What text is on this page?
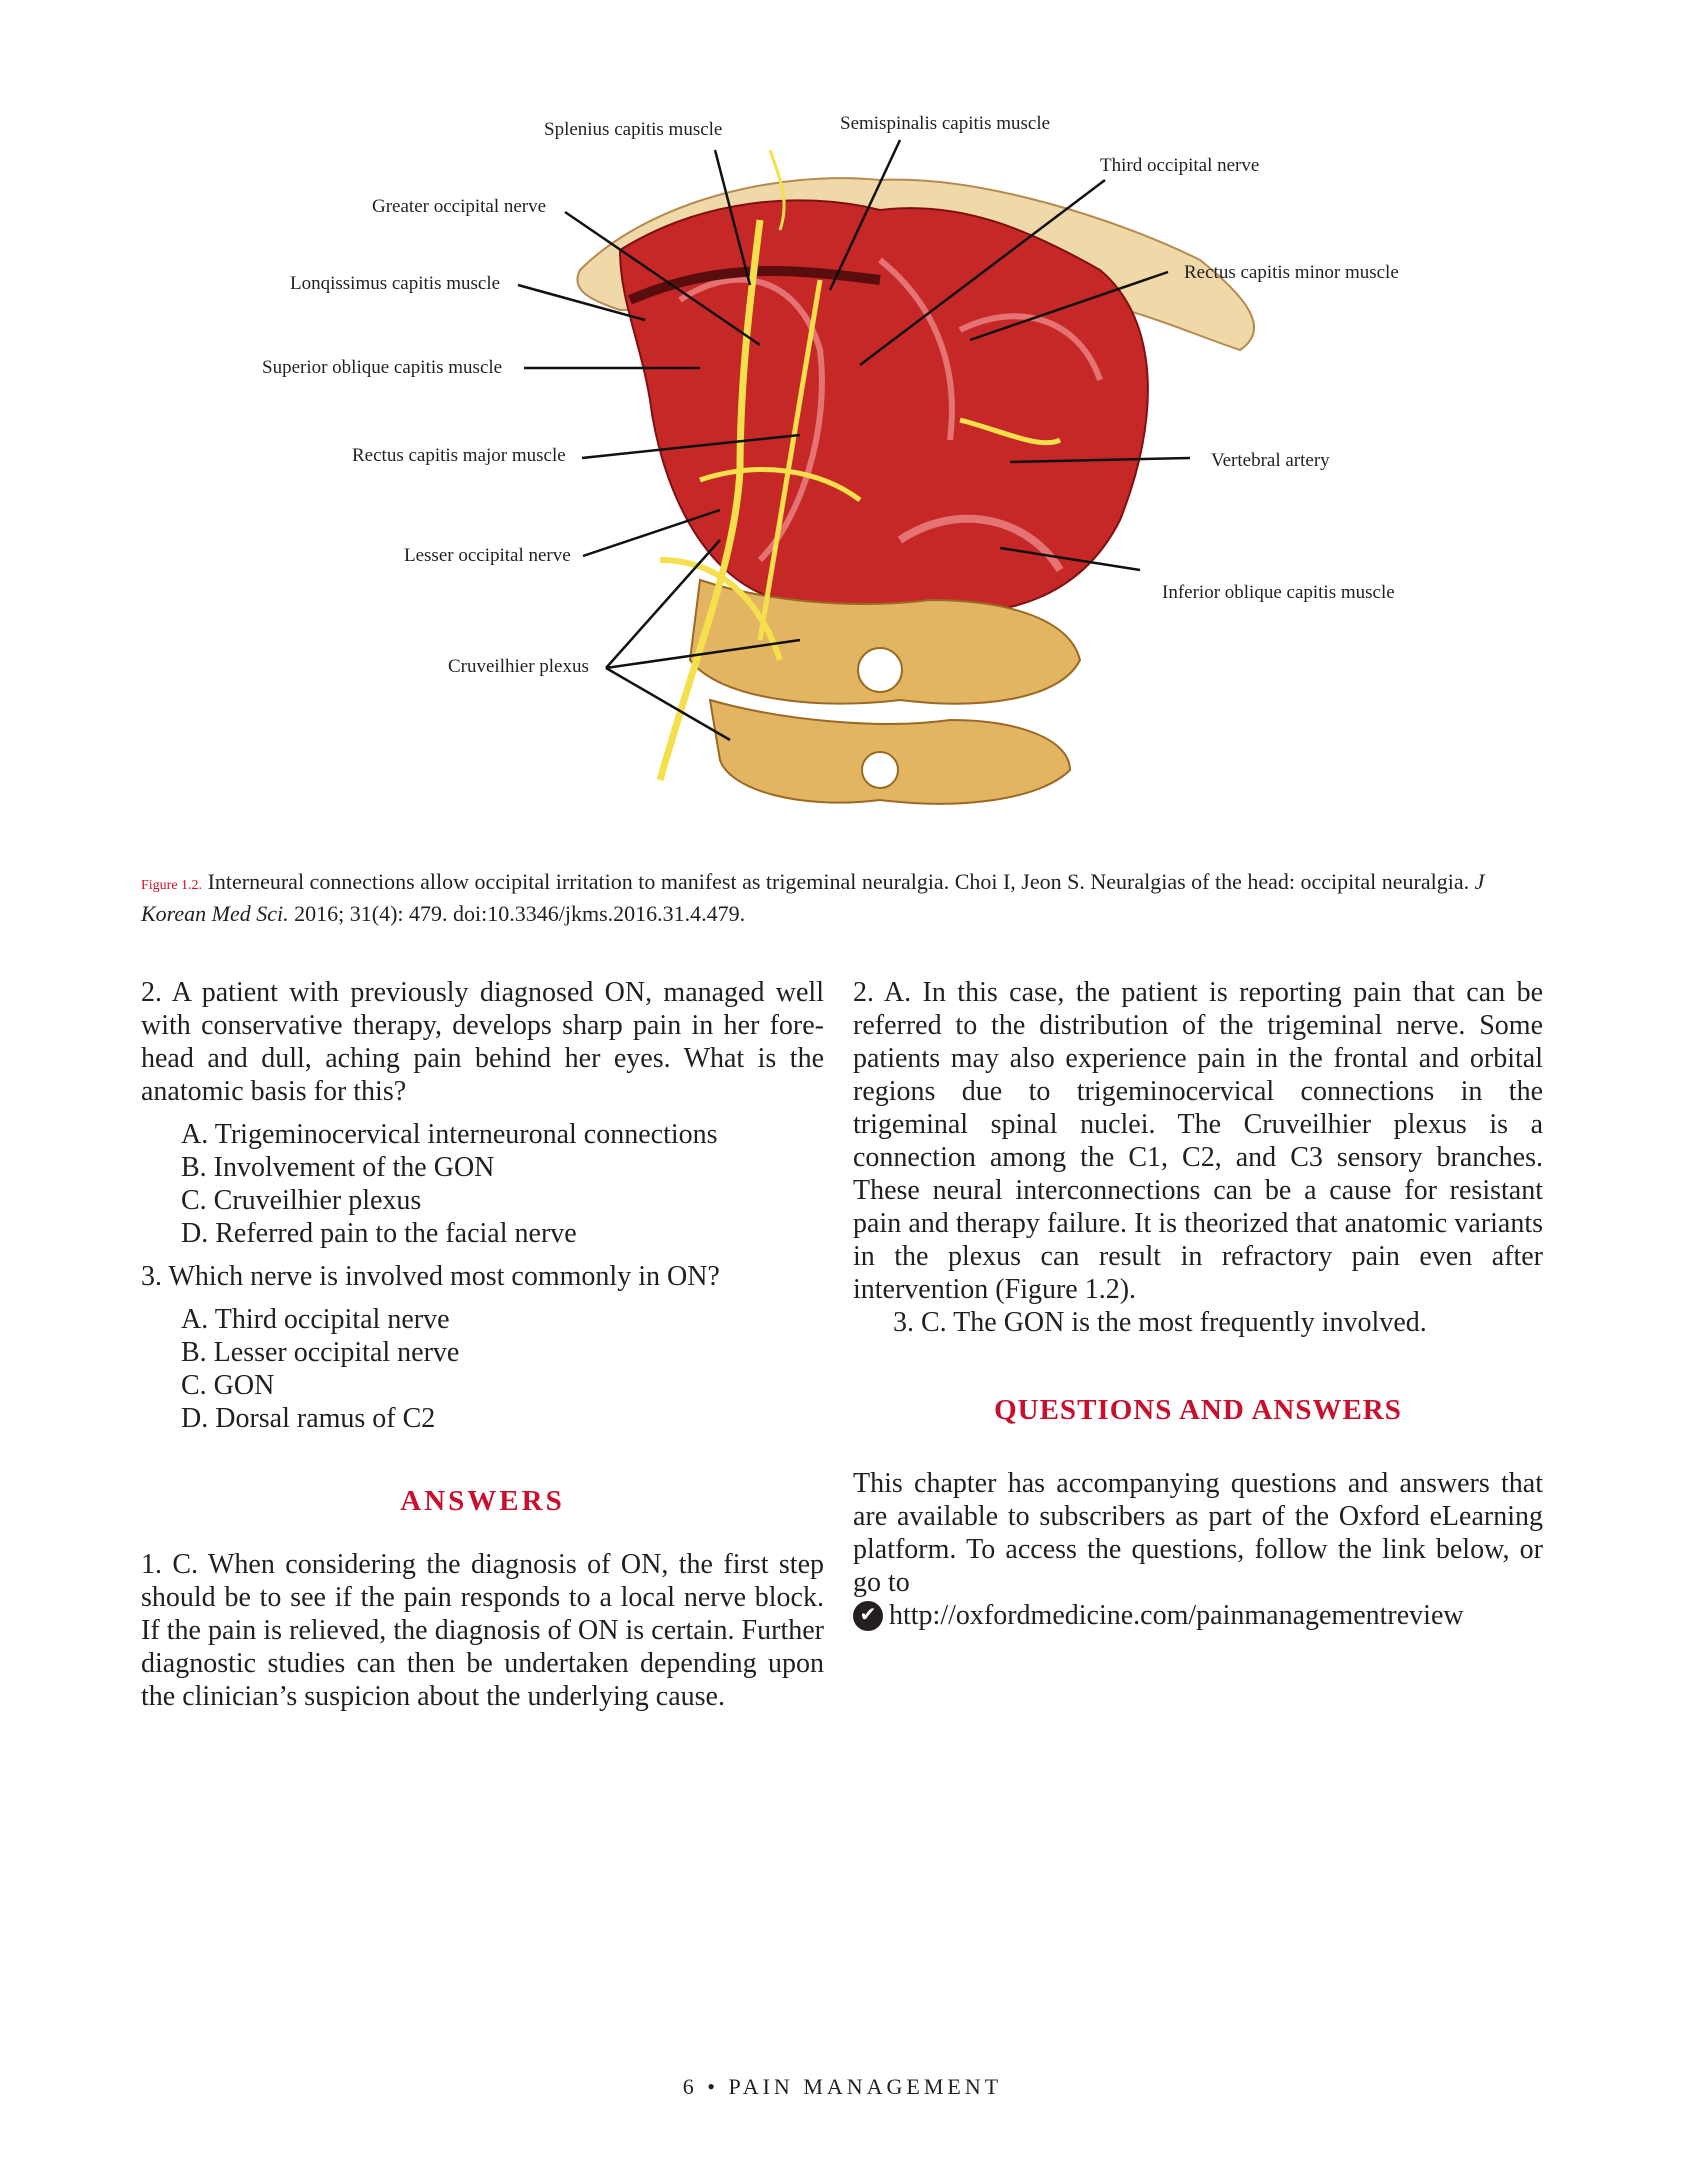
Splenius capitis muscle	Semispinalis capitis muscle
Third occipital nerve
Greater occipital nerve
Lonqissimus capitis muscle
Rectus capitis minor muscle
Superior oblique capitis muscle
Rectus capitis major muscle	Vertebral artery
Lesser occipital nerve
Inferior oblique capitis muscle
Cruveilhier plexus
Figure 1.2. Interneural connections allow occipital irritation to manifest as trigeminal neuralgia. Choi I, Jeon S. Neuralgias of the head: occipital neuralgia. J Korean Med Sci. 2016; 31(4): 479. doi:10.3346/jkms.2016.31.4.479.

2. A patient with previously diagnosed ON, managed well with conservative therapy, develops sharp pain in her forehead and dull, aching pain behind her eyes. What is the anatomic basis for this?

A. Trigeminocervical interneuronal connections
B. Involvement of the GON
C. Cruveilhier plexus
D. Referred pain to the facial nerve

3. Which nerve is involved most commonly in ON?

A. Third occipital nerve
B. Lesser occipital nerve
C. GON
D. Dorsal ramus of C2
ANSWERS

1. C. When considering the diagnosis of ON, the first step should be to see if the pain responds to a local nerve block. If the pain is relieved, the diagnosis of ON is certain. Further diagnostic studies can then be undertaken depending upon the clinician’s suspicion about the underlying cause.

2. A. In this case, the patient is reporting pain that can be referred to the distribution of the trigeminal nerve. Some patients may also experience pain in the frontal and orbital regions due to trigeminocervical connections in the trigeminal spinal nuclei. The Cruveilhier plexus is a connection among the C1, C2, and C3 sensory branches. These neural interconnections can be a cause for resistant pain and therapy failure. It is theorized that anatomic variants in the plexus can result in refractory pain even after intervention (Figure 1.2).

3. C. The GON is the most frequently involved.

QUESTIONS AND ANSWERS

This chapter has accompanying questions and answers that are available to subscribers as part of the Oxford eLearning platform. To access the questions, follow the link below, or go to

✔ http://oxfordmedicine.com/painmanagementreview
6 • PAIN MANAGEMENT
